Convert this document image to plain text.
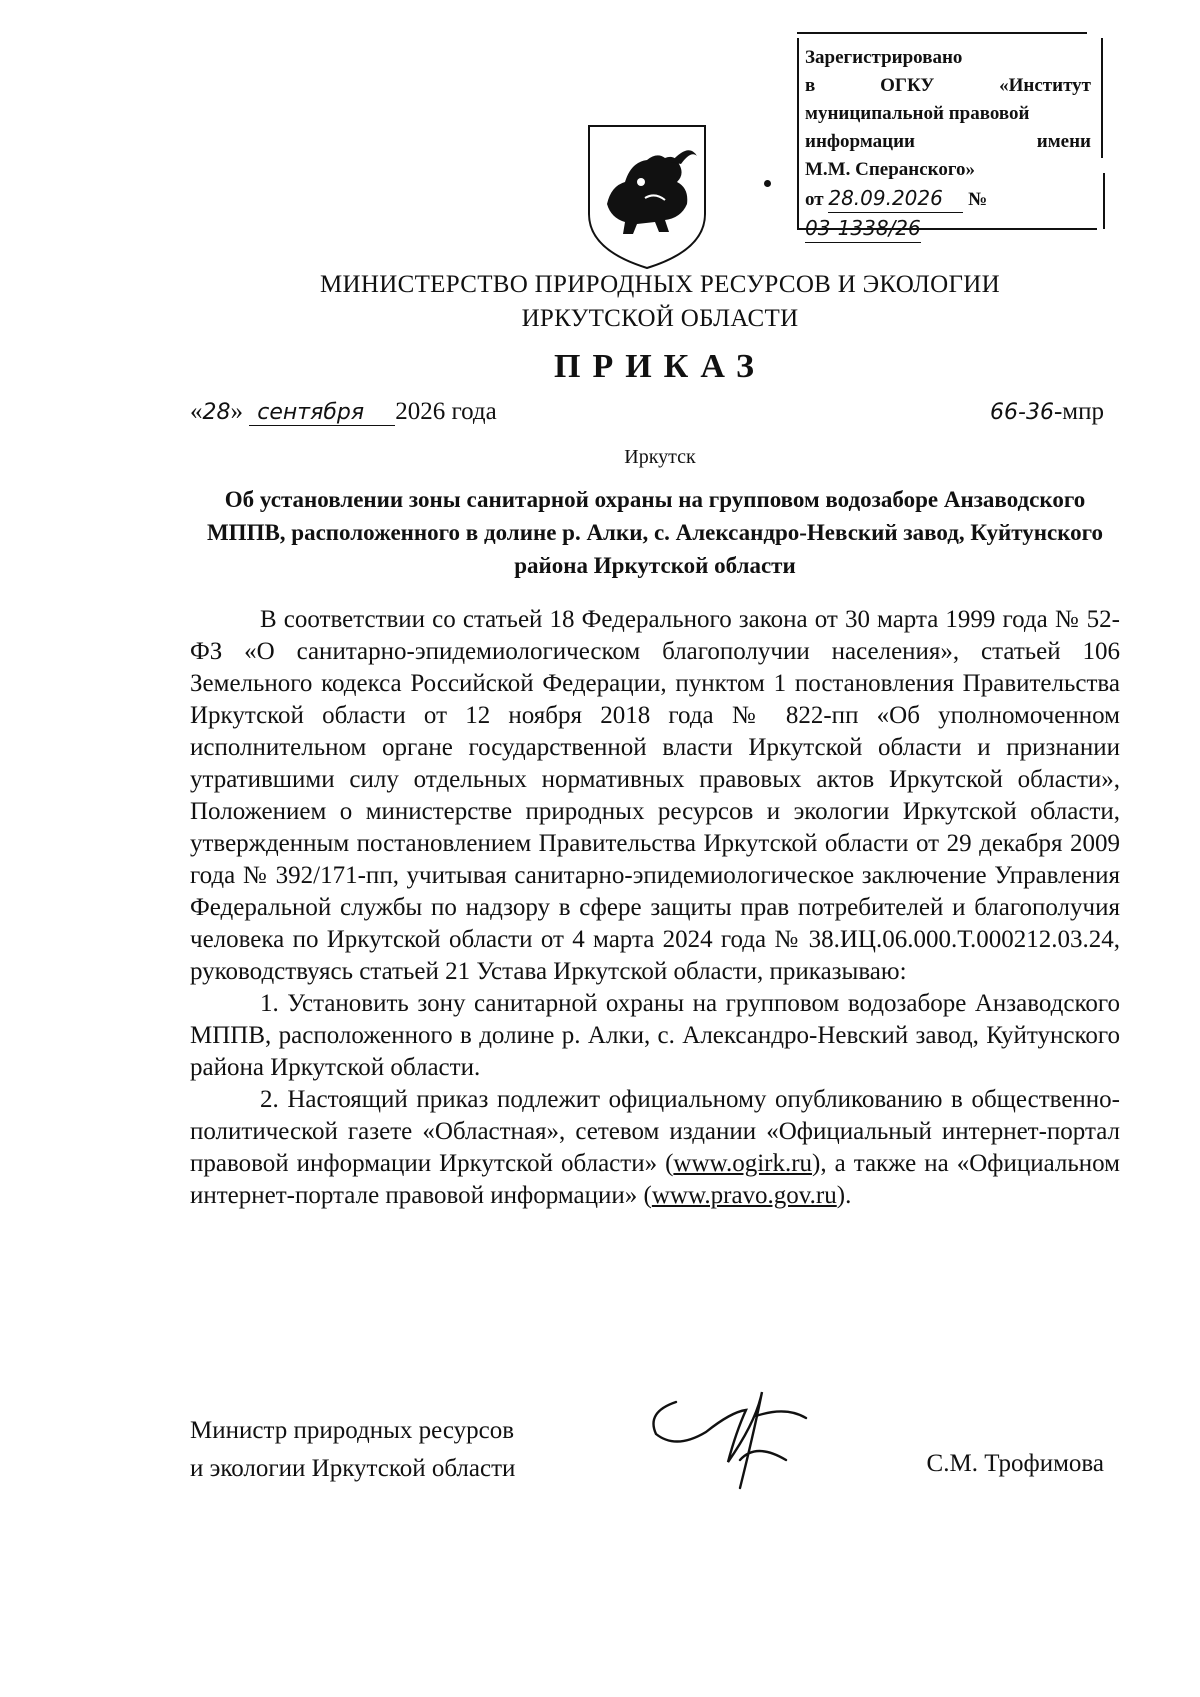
Зарегистрировано
в	ОГКУ	«Институт
муниципальной правовой
информации	имени
М.М. Сперанского»
от 28.09.2026 №03-1338/26
МИНИСТЕРСТВО ПРИРОДНЫХ РЕСУРСОВ И ЭКОЛОГИИ
ИРКУТСКОЙ ОБЛАСТИ
ПРИКАЗ
«28» сентября 2026 года	66-36-мпр
Иркутск
Об установлении зоны санитарной охраны на групповом водозаборе Анзаводского МППВ, расположенного в долине р. Алки, с. Александро-Невский завод, Куйтунского района Иркутской области

В соответствии со статьей 18 Федерального закона от 30 марта 1999 года № 52-ФЗ «О санитарно-эпидемиологическом благополучии населения», статьей 106 Земельного кодекса Российской Федерации, пунктом 1 постановления Правительства Иркутской области от 12 ноября 2018 года № 822-пп «Об уполномоченном исполнительном органе государственной власти Иркутской области и признании утратившими силу отдельных нормативных правовых актов Иркутской области», Положением о министерстве природных ресурсов и экологии Иркутской области, утвержденным постановлением Правительства Иркутской области от 29 декабря 2009 года № 392/171-пп, учитывая санитарно-эпидемиологическое заключение Управления Федеральной службы по надзору в сфере защиты прав потребителей и благополучия человека по Иркутской области от 4 марта 2024 года № 38.ИЦ.06.000.Т.000212.03.24, руководствуясь статьей 21 Устава Иркутской области, приказываю:

1. Установить зону санитарной охраны на групповом водозаборе Анзаводского МППВ, расположенного в долине р. Алки, с. Александро-Невский завод, Куйтунского района Иркутской области.

2. Настоящий приказ подлежит официальному опубликованию в общественно-политической газете «Областная», сетевом издании «Официальный интернет-портал правовой информации Иркутской области» (www.ogirk.ru), а также на «Официальном интернет-портале правовой информации» (www.pravo.gov.ru).

Министр природных ресурсов
и экологии Иркутской области	С.М. Трофимова
